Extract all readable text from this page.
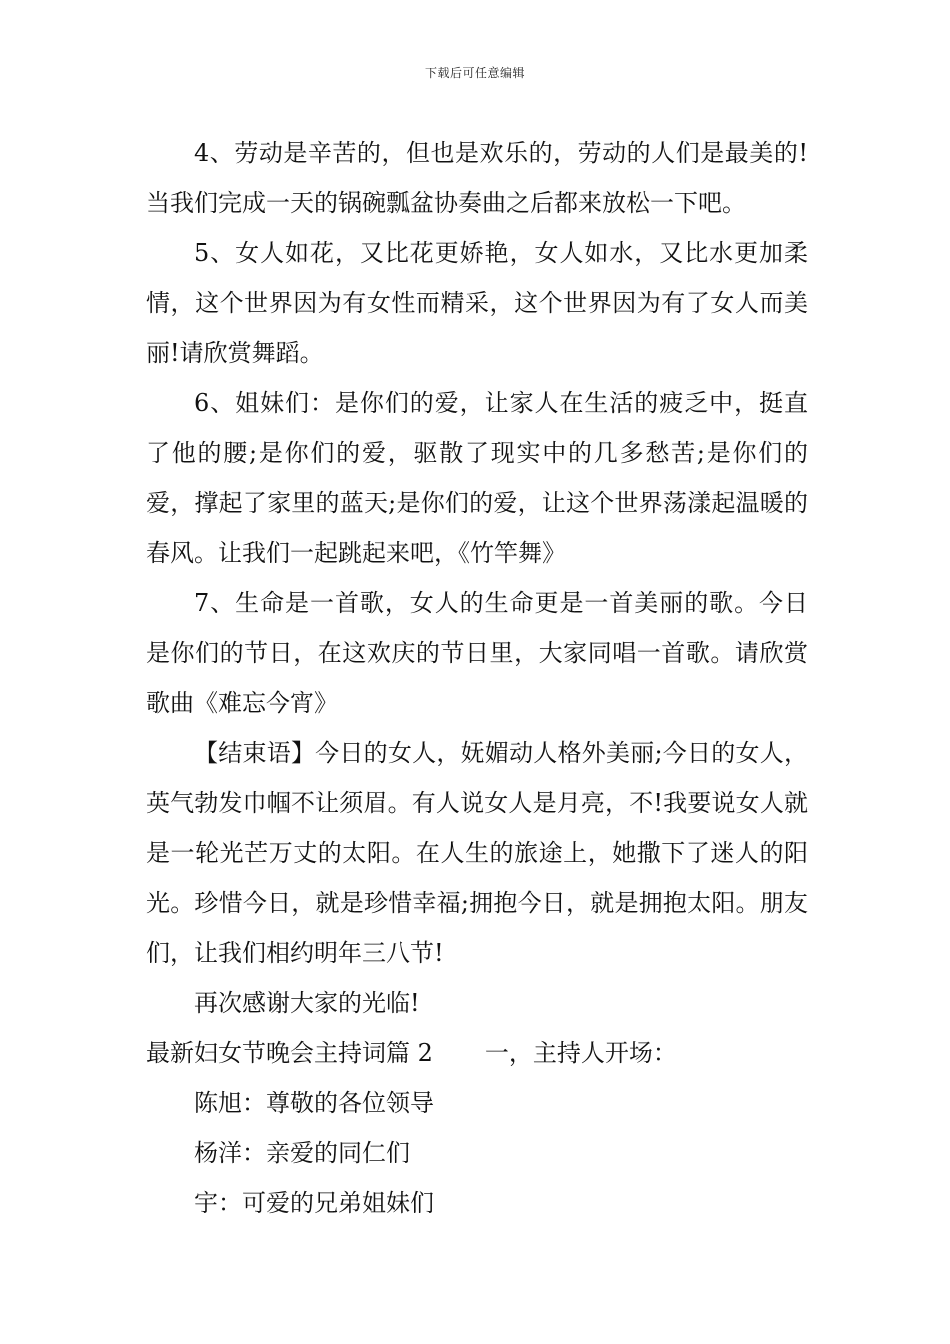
下载后可任意编辑

4、劳动是辛苦的，但也是欢乐的，劳动的人们是最美的!当我们完成一天的锅碗瓢盆协奏曲之后都来放松一下吧。

5、女人如花，又比花更娇艳，女人如水，又比水更加柔情，这个世界因为有女性而精采，这个世界因为有了女人而美丽!请欣赏舞蹈。

6、姐妹们：是你们的爱，让家人在生活的疲乏中，挺直了他的腰;是你们的爱，驱散了现实中的几多愁苦;是你们的爱，撑起了家里的蓝天;是你们的爱，让这个世界荡漾起温暖的春风。让我们一起跳起来吧，《竹竿舞》

7、生命是一首歌，女人的生命更是一首美丽的歌。今日是你们的节日，在这欢庆的节日里，大家同唱一首歌。请欣赏歌曲《难忘今宵》

【结束语】今日的女人，妩媚动人格外美丽;今日的女人，英气勃发巾帼不让须眉。有人说女人是月亮，不!我要说女人就是一轮光芒万丈的太阳。在人生的旅途上，她撒下了迷人的阳光。珍惜今日，就是珍惜幸福;拥抱今日，就是拥抱太阳。朋友们，让我们相约明年三八节!

再次感谢大家的光临!

最新妇女节晚会主持词篇 2 一，主持人开场：

陈旭：尊敬的各位领导

杨洋：亲爱的同仁们

宇：可爱的兄弟姐妹们
